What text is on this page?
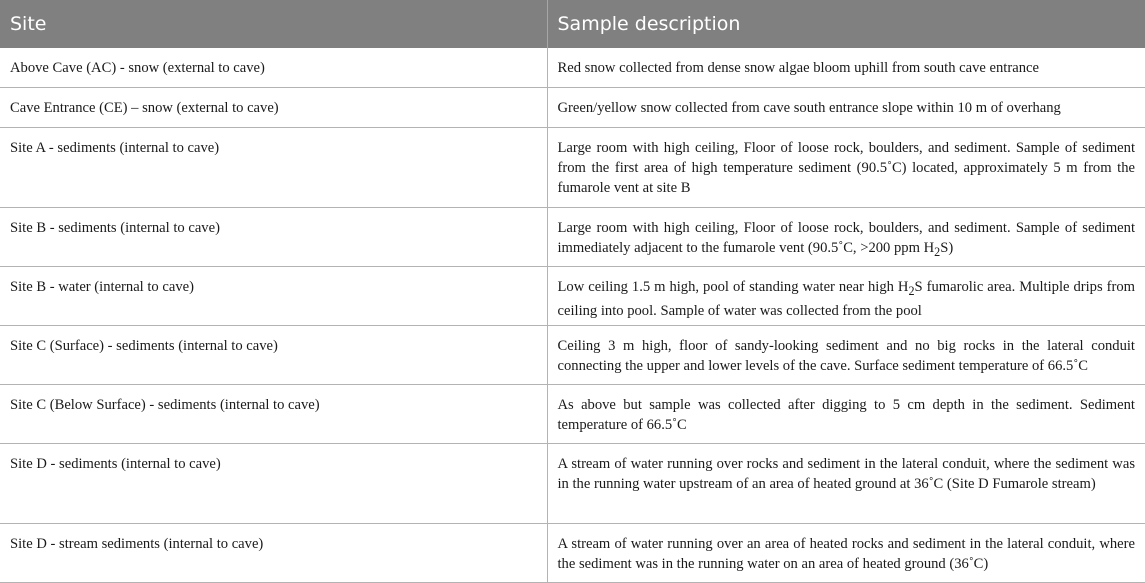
Site	Sample description
Above Cave (AC) - snow (external to cave)	Red snow collected from dense snow algae bloom uphill from south cave entrance
Cave Entrance (CE) – snow (external to cave)	Green/yellow snow collected from cave south entrance slope within 10 m of overhang
Site A - sediments (internal to cave)	Large room with high ceiling, Floor of loose rock, boulders, and sediment. Sample of sediment from the first area of high temperature sediment (90.5˚C) located, approximately 5 m from the fumarole vent at site B
Site B - sediments (internal to cave)	Large room with high ceiling, Floor of loose rock, boulders, and sediment. Sample of sediment immediately adjacent to the fumarole vent (90.5˚C, >200 ppm $H_2S$)
Site B - water (internal to cave)	Low ceiling 1.5 m high, pool of standing water near high $H_2S$ fumarolic area. Multiple drips from ceiling into pool. Sample of water was collected from the pool
Site C (Surface) - sediments (internal to cave)	Ceiling 3 m high, floor of sandy-looking sediment and no big rocks in the lateral conduit connecting the upper and lower levels of the cave. Surface sediment temperature of 66.5˚C
Site C (Below Surface) - sediments (internal to cave)	As above but sample was collected after digging to 5 cm depth in the sediment. Sediment temperature of 66.5˚C
Site D - sediments (internal to cave)	A stream of water running over rocks and sediment in the lateral conduit, where the sediment was in the running water upstream of an area of heated ground at 36˚C (Site D Fumarole stream)
Site D - stream sediments (internal to cave)	A stream of water running over an area of heated rocks and sediment in the lateral conduit, where the sediment was in the running water on an area of heated ground (36˚C)
